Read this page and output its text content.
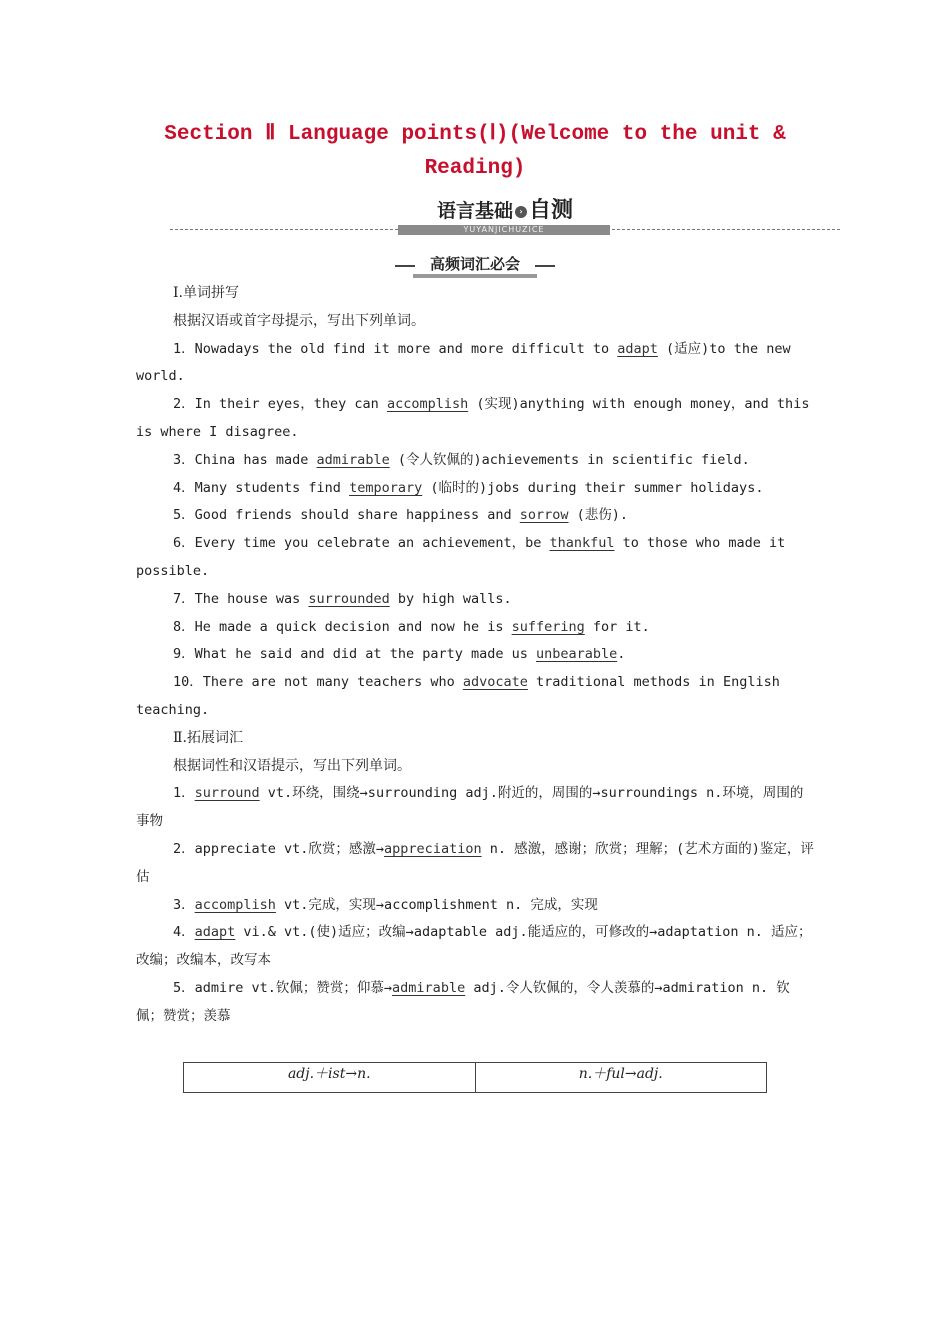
Section Ⅱ Language points(Ⅰ)(Welcome to the unit &
Reading)
语言基础 › 自测
YUYANJICHUZICE
高频词汇必会

Ⅰ.单词拼写

根据汉语或首字母提示，写出下列单词。

1．Nowadays the old find it more and more difficult to adapt (适应)to the new world.

2．In their eyes，they can accomplish (实现)anything with enough money，and this is where I disagree.

3．China has made admirable (令人钦佩的)achievements in scientific field.

4．Many students find temporary (临时的)jobs during their summer holidays.

5．Good friends should share happiness and sorrow (悲伤).

6．Every time you celebrate an achievement，be thankful to those who made it possible.

7．The house was surrounded by high walls.

8．He made a quick decision and now he is suffering for it.

9．What he said and did at the party made us unbearable.

10．There are not many teachers who advocate traditional methods in English teaching.

Ⅱ.拓展词汇

根据词性和汉语提示，写出下列单词。

1．surround vt.环绕，围绕→surrounding adj.附近的，周围的→surroundings n.环境，周围的事物

2．appreciate vt.欣赏；感激→appreciation n. 感激，感谢；欣赏；理解；(艺术方面的)鉴定，评估

3．accomplish vt.完成，实现→accomplishment n. 完成，实现

4．adapt vi.& vt.(使)适应；改编→adaptable adj.能适应的，可修改的→adaptation n. 适应；改编；改编本，改写本

5．admire vt.钦佩；赞赏；仰慕→admirable adj.令人钦佩的，令人羡慕的→admiration n. 钦佩；赞赏；羡慕

adj.＋ist→n.	n.＋ful→adj.
